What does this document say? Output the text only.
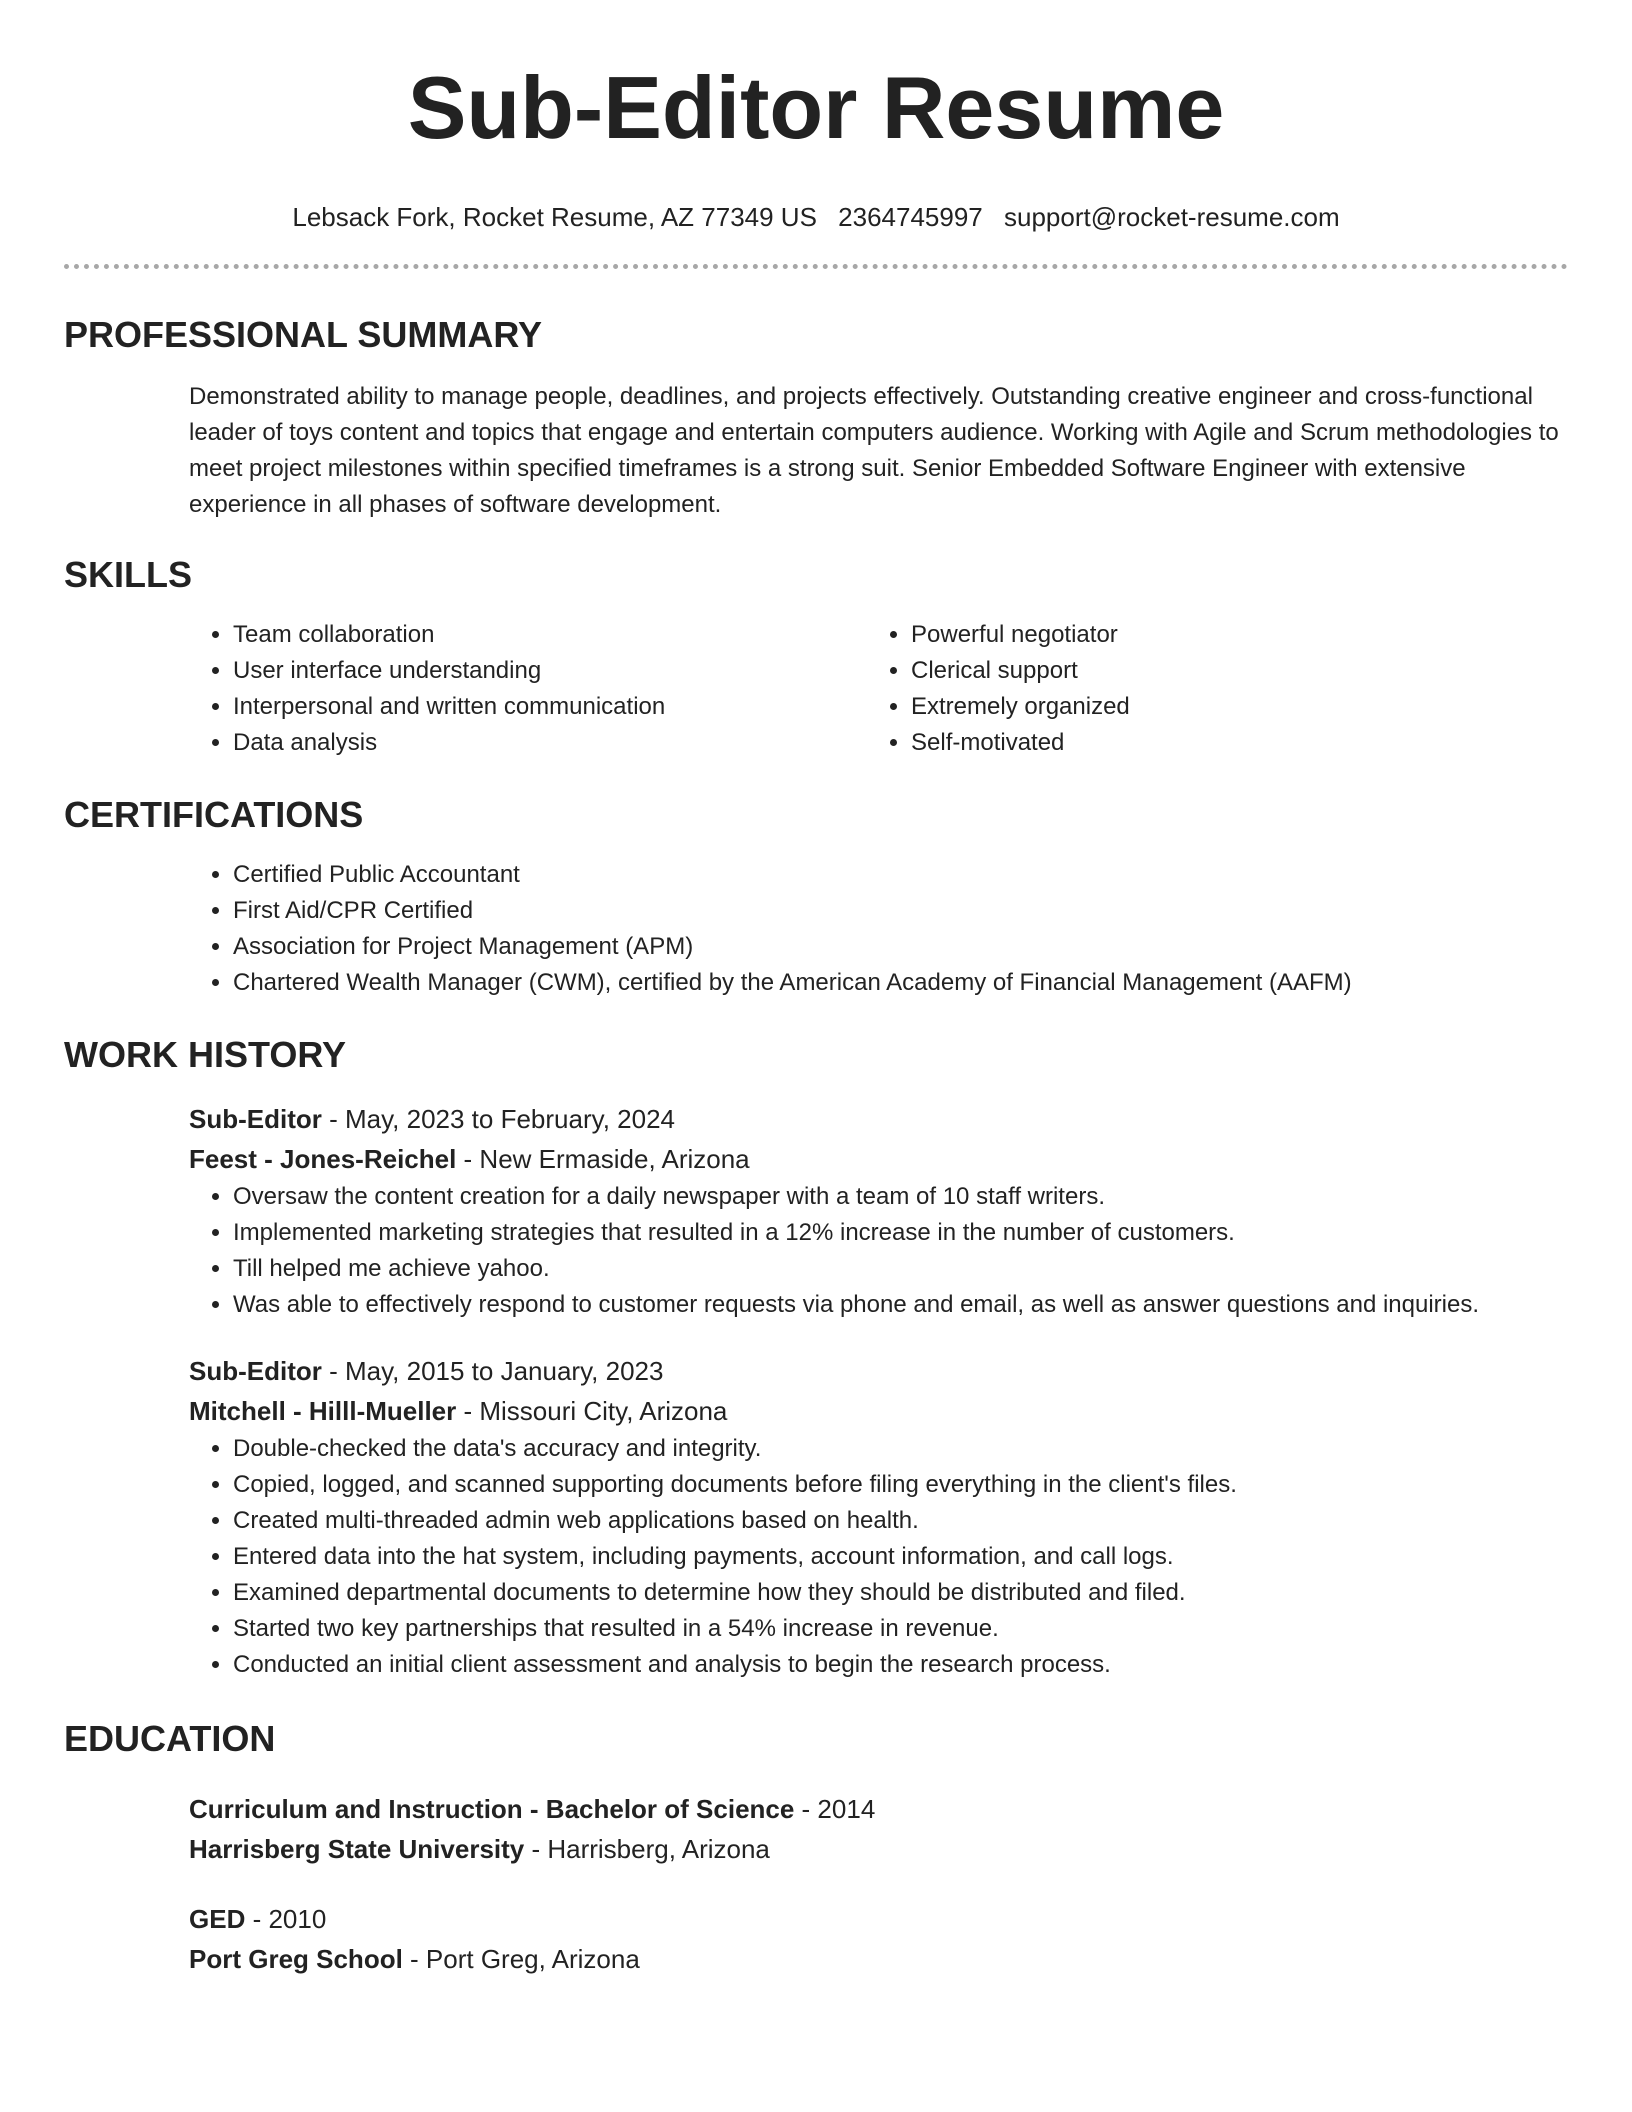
Sub-Editor Resume
Lebsack Fork, Rocket Resume, AZ 77349 US 2364745997 support@rocket-resume.com
PROFESSIONAL SUMMARY
Demonstrated ability to manage people, deadlines, and projects effectively. Outstanding creative engineer and cross-functional leader of toys content and topics that engage and entertain computers audience. Working with Agile and Scrum methodologies to meet project milestones within specified timeframes is a strong suit. Senior Embedded Software Engineer with extensive experience in all phases of software development.
SKILLS
• Team collaboration
• User interface understanding
• Interpersonal and written communication
• Data analysis
• Powerful negotiator
• Clerical support
• Extremely organized
• Self-motivated
CERTIFICATIONS
• Certified Public Accountant
• First Aid/CPR Certified
• Association for Project Management (APM)
• Chartered Wealth Manager (CWM), certified by the American Academy of Financial Management (AAFM)
WORK HISTORY
Sub-Editor - May, 2023 to February, 2024
Feest - Jones-Reichel - New Ermaside, Arizona
• Oversaw the content creation for a daily newspaper with a team of 10 staff writers.
• Implemented marketing strategies that resulted in a 12% increase in the number of customers.
• Till helped me achieve yahoo.
• Was able to effectively respond to customer requests via phone and email, as well as answer questions and inquiries.
Sub-Editor - May, 2015 to January, 2023
Mitchell - Hilll-Mueller - Missouri City, Arizona
• Double-checked the data's accuracy and integrity.
• Copied, logged, and scanned supporting documents before filing everything in the client's files.
• Created multi-threaded admin web applications based on health.
• Entered data into the hat system, including payments, account information, and call logs.
• Examined departmental documents to determine how they should be distributed and filed.
• Started two key partnerships that resulted in a 54% increase in revenue.
• Conducted an initial client assessment and analysis to begin the research process.
EDUCATION
Curriculum and Instruction - Bachelor of Science - 2014
Harrisberg State University - Harrisberg, Arizona
GED - 2010
Port Greg School - Port Greg, Arizona
